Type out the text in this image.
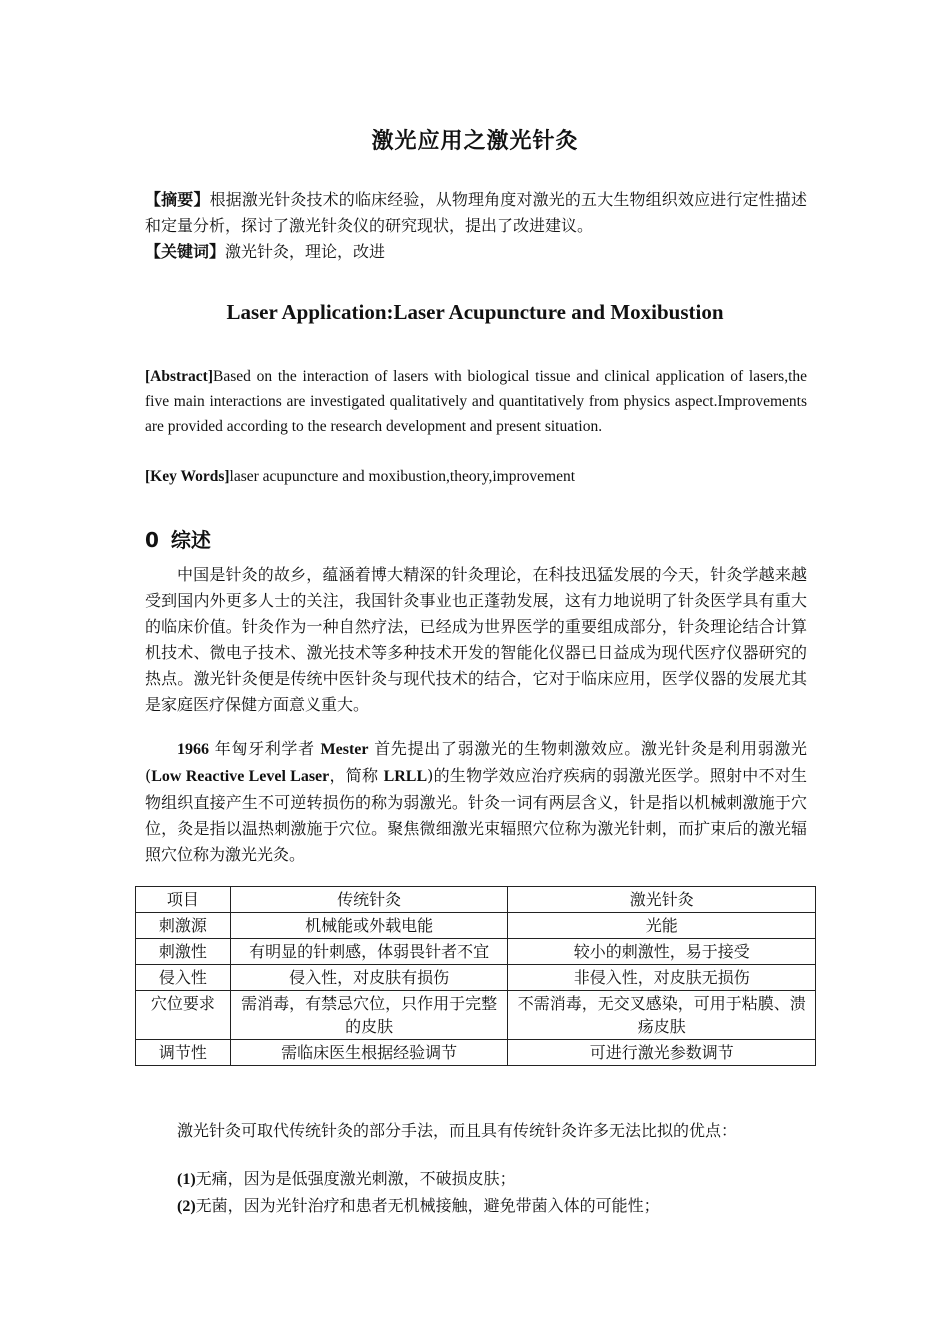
激光应用之激光针灸
【摘要】根据激光针灸技术的临床经验，从物理角度对激光的五大生物组织效应进行定性描述和定量分析，探讨了激光针灸仪的研究现状，提出了改进建议。
【关键词】激光针灸，理论，改进
Laser Application:Laser Acupuncture and Moxibustion
[Abstract]Based on the interaction of lasers with biological tissue and clinical application of lasers,the five main interactions are investigated qualitatively and quantitatively from physics aspect.Improvements are provided according to the research development and present situation.
[Key Words]laser acupuncture and moxibustion,theory,improvement
0 综述

中国是针灸的故乡，蕴涵着博大精深的针灸理论，在科技迅猛发展的今天，针灸学越来越受到国内外更多人士的关注，我国针灸事业也正蓬勃发展，这有力地说明了针灸医学具有重大的临床价值。针灸作为一种自然疗法，已经成为世界医学的重要组成部分，针灸理论结合计算机技术、微电子技术、激光技术等多种技术开发的智能化仪器已日益成为现代医疗仪器研究的热点。激光针灸便是传统中医针灸与现代技术的结合，它对于临床应用，医学仪器的发展尤其是家庭医疗保健方面意义重大。

1966 年匈牙利学者 Mester 首先提出了弱激光的生物刺激效应。激光针灸是利用弱激光(Low Reactive Level Laser，简称 LRLL)的生物学效应治疗疾病的弱激光医学。照射中不对生物组织直接产生不可逆转损伤的称为弱激光。针灸一词有两层含义，针是指以机械刺激施于穴位，灸是指以温热刺激施于穴位。聚焦微细激光束辐照穴位称为激光针刺，而扩束后的激光辐照穴位称为激光光灸。

项目	传统针灸	激光针灸
刺激源	机械能或外载电能	光能
刺激性	有明显的针刺感，体弱畏针者不宜	较小的刺激性，易于接受
侵入性	侵入性，对皮肤有损伤	非侵入性，对皮肤无损伤
穴位要求	需消毒，有禁忌穴位，只作用于完整的皮肤	不需消毒，无交叉感染，可用于粘膜、溃疡皮肤
调节性	需临床医生根据经验调节	可进行激光参数调节

激光针灸可取代传统针灸的部分手法，而且具有传统针灸许多无法比拟的优点：

(1)无痛，因为是低强度激光刺激，不破损皮肤；

(2)无菌，因为光针治疗和患者无机械接触，避免带菌入体的可能性；
